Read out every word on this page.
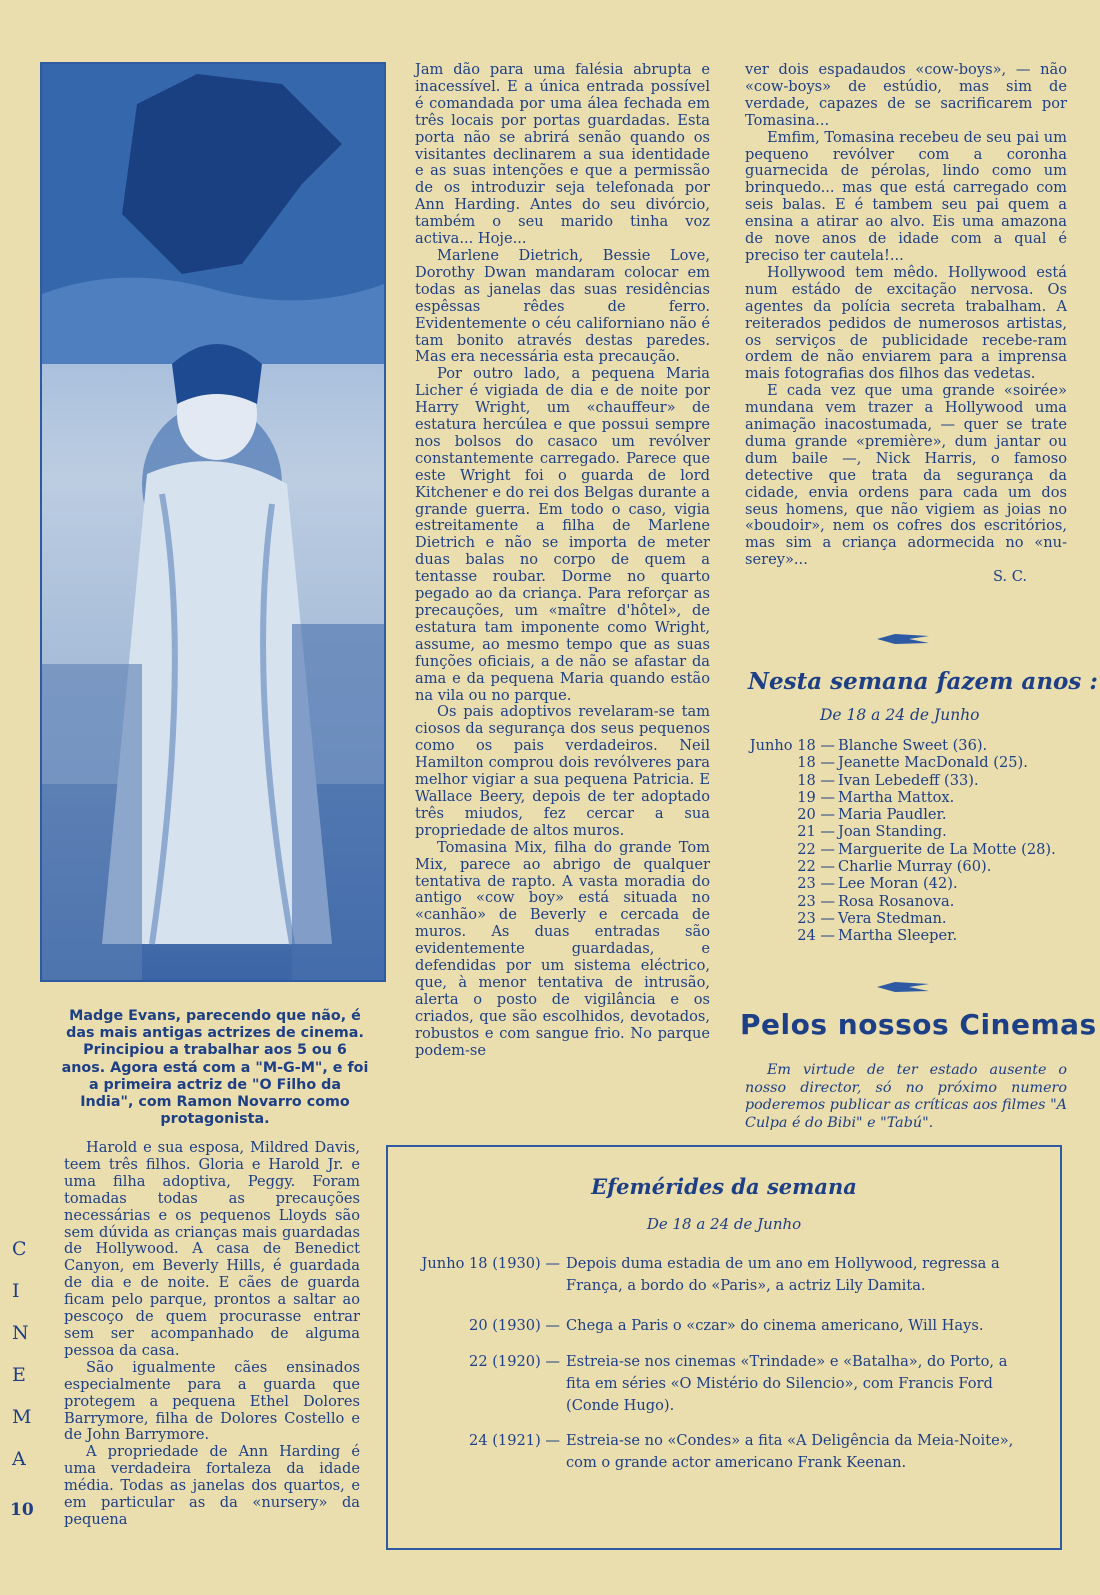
Madge Evans, parecendo que não, é das mais antigas actrizes de cinema. Principiou a trabalhar aos 5 ou 6 anos. Agora está com a "M-G-M", e foi a primeira actriz de "O Filho da India", com Ramon Novarro como protagonista.

Harold e sua esposa, Mildred Davis, teem três filhos. Gloria e Harold Jr. e uma filha adoptiva, Peggy. Foram tomadas todas as precauções necessárias e os pequenos Lloyds são sem dúvida as crianças mais guardadas de Hollywood. A casa de Benedict Canyon, em Beverly Hills, é guardada de dia e de noite. E cães de guarda ficam pelo parque, prontos a saltar ao pescoço de quem procurasse entrar sem ser acompanhado de alguma pessoa da casa.

São igualmente cães ensinados especialmente para a guarda que protegem a pequena Ethel Dolores Barrymore, filha de Dolores Costello e de John Barrymore.

A propriedade de Ann Harding é uma verdadeira fortaleza da idade média. Todas as janelas dos quartos, e em particular as da «nursery» da pequena

C
I
N
E
M
A
10

Jam dão para uma falésia abrupta e inacessível. E a única entrada possível é comandada por uma álea fechada em três locais por portas guardadas. Esta porta não se abrirá senão quando os visitantes declinarem a sua identidade e as suas intenções e que a permissão de os introduzir seja telefonada por Ann Harding. Antes do seu divórcio, também o seu marido tinha voz activa... Hoje...

Marlene Dietrich, Bessie Love, Dorothy Dwan mandaram colocar em todas as janelas das suas residências espêssas rêdes de ferro. Evidentemente o céu californiano não é tam bonito através destas paredes. Mas era necessária esta precaução.

Por outro lado, a pequena Maria Licher é vigiada de dia e de noite por Harry Wright, um «chauffeur» de estatura hercúlea e que possui sempre nos bolsos do casaco um revólver constantemente carregado. Parece que este Wright foi o guarda de lord Kitchener e do rei dos Belgas durante a grande guerra. Em todo o caso, vigia estreitamente a filha de Marlene Dietrich e não se importa de meter duas balas no corpo de quem a tentasse roubar. Dorme no quarto pegado ao da criança. Para reforçar as precauções, um «maître d'hôtel», de estatura tam imponente como Wright, assume, ao mesmo tempo que as suas funções oficiais, a de não se afastar da ama e da pequena Maria quando estão na vila ou no parque.

Os pais adoptivos revelaram-se tam ciosos da segurança dos seus pequenos como os pais verdadeiros. Neil Hamilton comprou dois revólveres para melhor vigiar a sua pequena Patricia. E Wallace Beery, depois de ter adoptado três miudos, fez cercar a sua propriedade de altos muros.

Tomasina Mix, filha do grande Tom Mix, parece ao abrigo de qualquer tentativa de rapto. A vasta moradia do antigo «cow boy» está situada no «canhão» de Beverly e cercada de muros. As duas entradas são evidentemente guardadas, e defendidas por um sistema eléctrico, que, à menor tentativa de intrusão, alerta o posto de vigilância e os criados, que são escolhidos, devotados, robustos e com sangue frio. No parque podem-se

ver dois espadaudos «cow-boys», — não «cow-boys» de estúdio, mas sim de verdade, capazes de se sacrificarem por Tomasina...

Emfim, Tomasina recebeu de seu pai um pequeno revólver com a coronha guarnecida de pérolas, lindo como um brinquedo... mas que está carregado com seis balas. E é tambem seu pai quem a ensina a atirar ao alvo. Eis uma amazona de nove anos de idade com a qual é preciso ter cautela!...

Hollywood tem mêdo. Hollywood está num estádo de excitação nervosa. Os agentes da polícia secreta trabalham. A reiterados pedidos de numerosos artistas, os serviços de publicidade recebe-ram ordem de não enviarem para a imprensa mais fotografias dos filhos das vedetas.

E cada vez que uma grande «soirée» mundana vem trazer a Hollywood uma animação inacostumada, — quer se trate duma grande «première», dum jantar ou dum baile —, Nick Harris, o famoso detective que trata da segurança da cidade, envia ordens para cada um dos seus homens, que não vigiem as joias no «boudoir», nem os cofres dos escritórios, mas sim a criança adormecida no «nu-serey»...

S. C.
Nesta semana fazem anos :
De 18 a 24 de Junho
Junho 18 — Blanche Sweet (36).
18 — Jeanette MacDonald (25).
18 — Ivan Lebedeff (33).
19 — Martha Mattox.
20 — Maria Paudler.
21 — Joan Standing.
22 — Marguerite de La Motte (28).
22 — Charlie Murray (60).
23 — Lee Moran (42).
23 — Rosa Rosanova.
23 — Vera Stedman.
24 — Martha Sleeper.
Pelos nossos Cinemas
Em virtude de ter estado ausente o nosso director, só no próximo numero poderemos publicar as críticas aos filmes "A Culpa é do Bibi" e "Tabú".
Efemérides da semana
De 18 a 24 de Junho
Junho 18 (1930) — Depois duma estadia de um ano em Hollywood, regressa a França, a bordo do «Paris», a actriz Lily Damita.
20 (1930) — Chega a Paris o «czar» do cinema americano, Will Hays.
22 (1920) — Estreia-se nos cinemas «Trindade» e «Batalha», do Porto, a fita em séries «O Mistério do Silencio», com Francis Ford (Conde Hugo).
24 (1921) — Estreia-se no «Condes» a fita «A Deligência da Meia-Noite», com o grande actor americano Frank Keenan.
